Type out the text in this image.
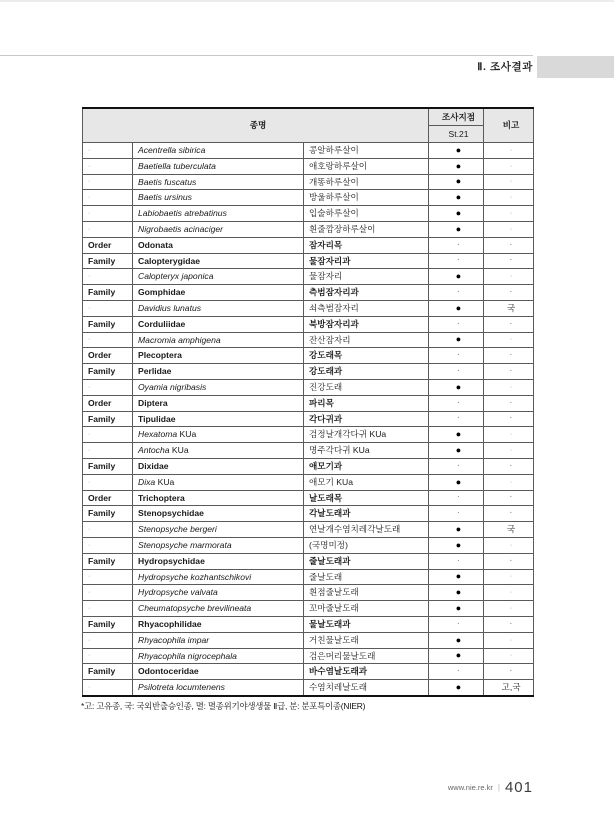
Ⅱ. 조사결과
종명			조사지점	비고
			St.21	
·	Acentrella sibirica	콩알하루살이	●	·
·	Baetiella tuberculata	애호랑하루살이	●	·
·	Baetis fuscatus	개똥하루살이	●	·
·	Baetis ursinus	방울하루살이	●	·
·	Labiobaetis atrebatinus	입술하루살이	●	·
·	Nigrobaetis acinaciger	흰줄깜장하루살이	●	·
Order	Odonata	잠자리목	·	·
Family	Calopterygidae	물잠자리과	·	·
·	Calopteryx japonica	물잠자리	●	·
Family	Gomphidae	측범잠자리과	·	·
·	Davidius lunatus	쇠측범잠자리	●	국
Family	Corduliidae	북방잠자리과	·	·
·	Macromia amphigena	잔산잠자리	●	·
Order	Plecoptera	강도래목	·	·
Family	Perlidae	강도래과	·	·
·	Oyamia nigribasis	진강도래	●	·
Order	Diptera	파리목	·	·
Family	Tipulidae	각다귀과	·	·
·	Hexatoma KUa	검정날개각다귀 KUa	●	·
·	Antocha KUa	명주각다귀 KUa	●	·
Family	Dixidae	애모기과	·	·
·	Dixa KUa	애모기 KUa	●	·
Order	Trichoptera	날도래목	·	·
Family	Stenopsychidae	각날도래과	·	·
·	Stenopsyche bergeri	연날개수염치레각날도래	●	국
·	Stenopsyche marmorata	(국명미정)	●	·
Family	Hydropsychidae	줄날도래과	·	·
·	Hydropsyche kozhantschikovi	줄날도래	●	·
·	Hydropsyche valvata	흰점줄날도래	●	·
·	Cheumatopsyche brevilineata	꼬마줄날도래	●	·
Family	Rhyacophilidae	물날도래과	·	·
·	Rhyacophila impar	거친물날도래	●	·
·	Rhyacophila nigrocephala	검은머리물날도래	●	·
Family	Odontoceridae	바수염날도래과	·	·
·	Psilotreta locumtenens	수염치레날도래	●	고,국
*고: 고유종, 국: 국외반출승인종, 멸: 멸종위기야생생물 Ⅱ급, 분: 분포특이종(NIER)
www.nie.re.kr | 401
